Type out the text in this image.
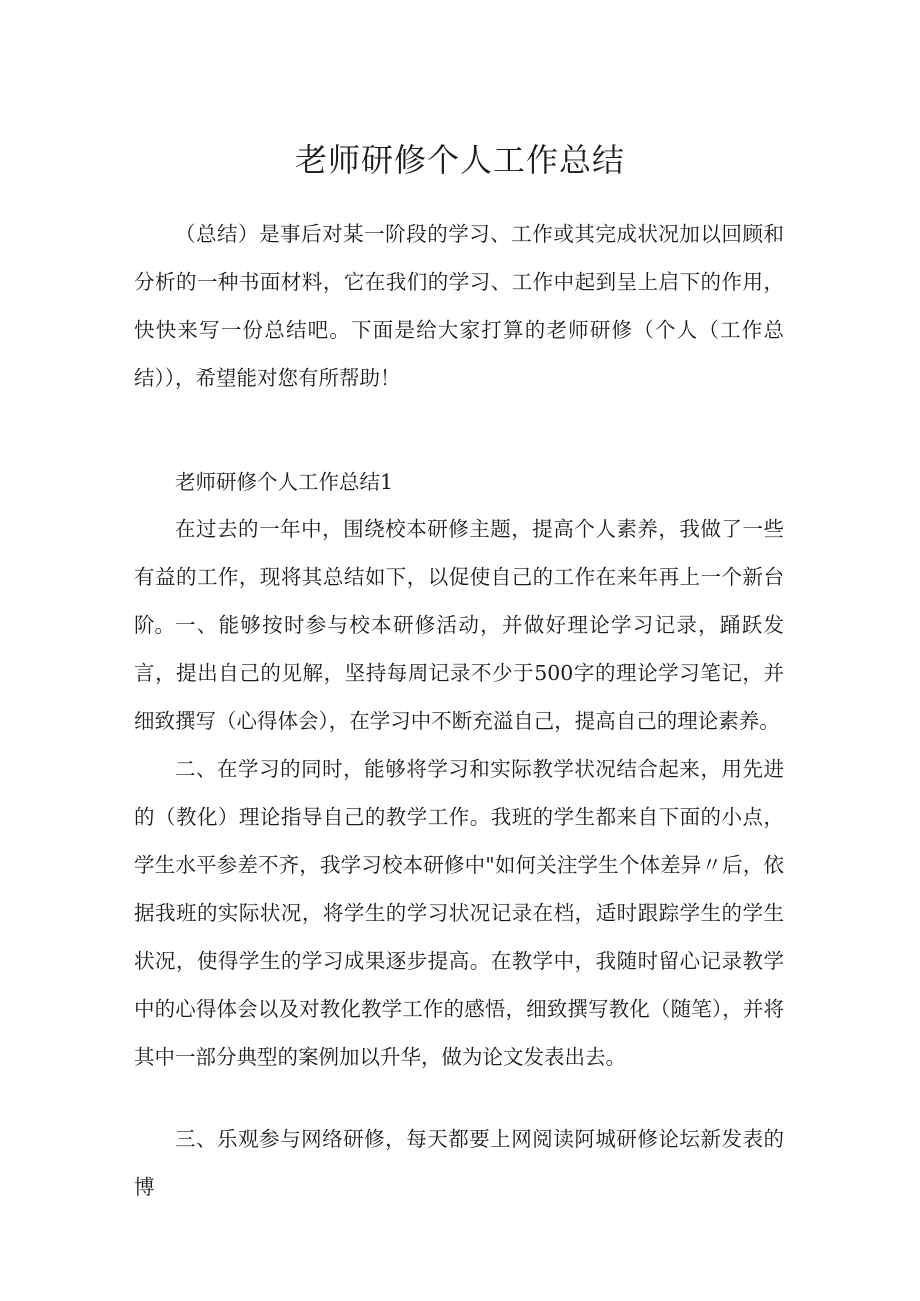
老师研修个人工作总结

（总结）是事后对某一阶段的学习、工作或其完成状况加以回顾和分析的一种书面材料，它在我们的学习、工作中起到呈上启下的作用，快快来写一份总结吧。下面是给大家打算的老师研修（个人（工作总结）），希望能对您有所帮助！

老师研修个人工作总结1

在过去的一年中，围绕校本研修主题，提高个人素养，我做了一些有益的工作，现将其总结如下，以促使自己的工作在来年再上一个新台阶。 一、能够按时参与校本研修活动，并做好理论学习记录，踊跃发言，提出自己的见解，坚持每周记录不少于500字的理论学习笔记，并细致撰写（心得体会），在学习中不断充溢自己，提高自己的理论素养。

二、在学习的同时，能够将学习和实际教学状况结合起来，用先进的（教化）理论指导自己的教学工作。我班的学生都来自下面的小点，学生水平参差不齐，我学习校本研修中"如何关注学生个体差异〃后，依据我班的实际状况，将学生的学习状况记录在档，适时跟踪学生的学生状况，使得学生的学习成果逐步提高。在教学中，我随时留心记录教学中的心得体会以及对教化教学工作的感悟，细致撰写教化（随笔），并将其中一部分典型的案例加以升华，做为论文发表出去。

三、乐观参与网络研修，每天都要上网阅读阿城研修论坛新发表的博
